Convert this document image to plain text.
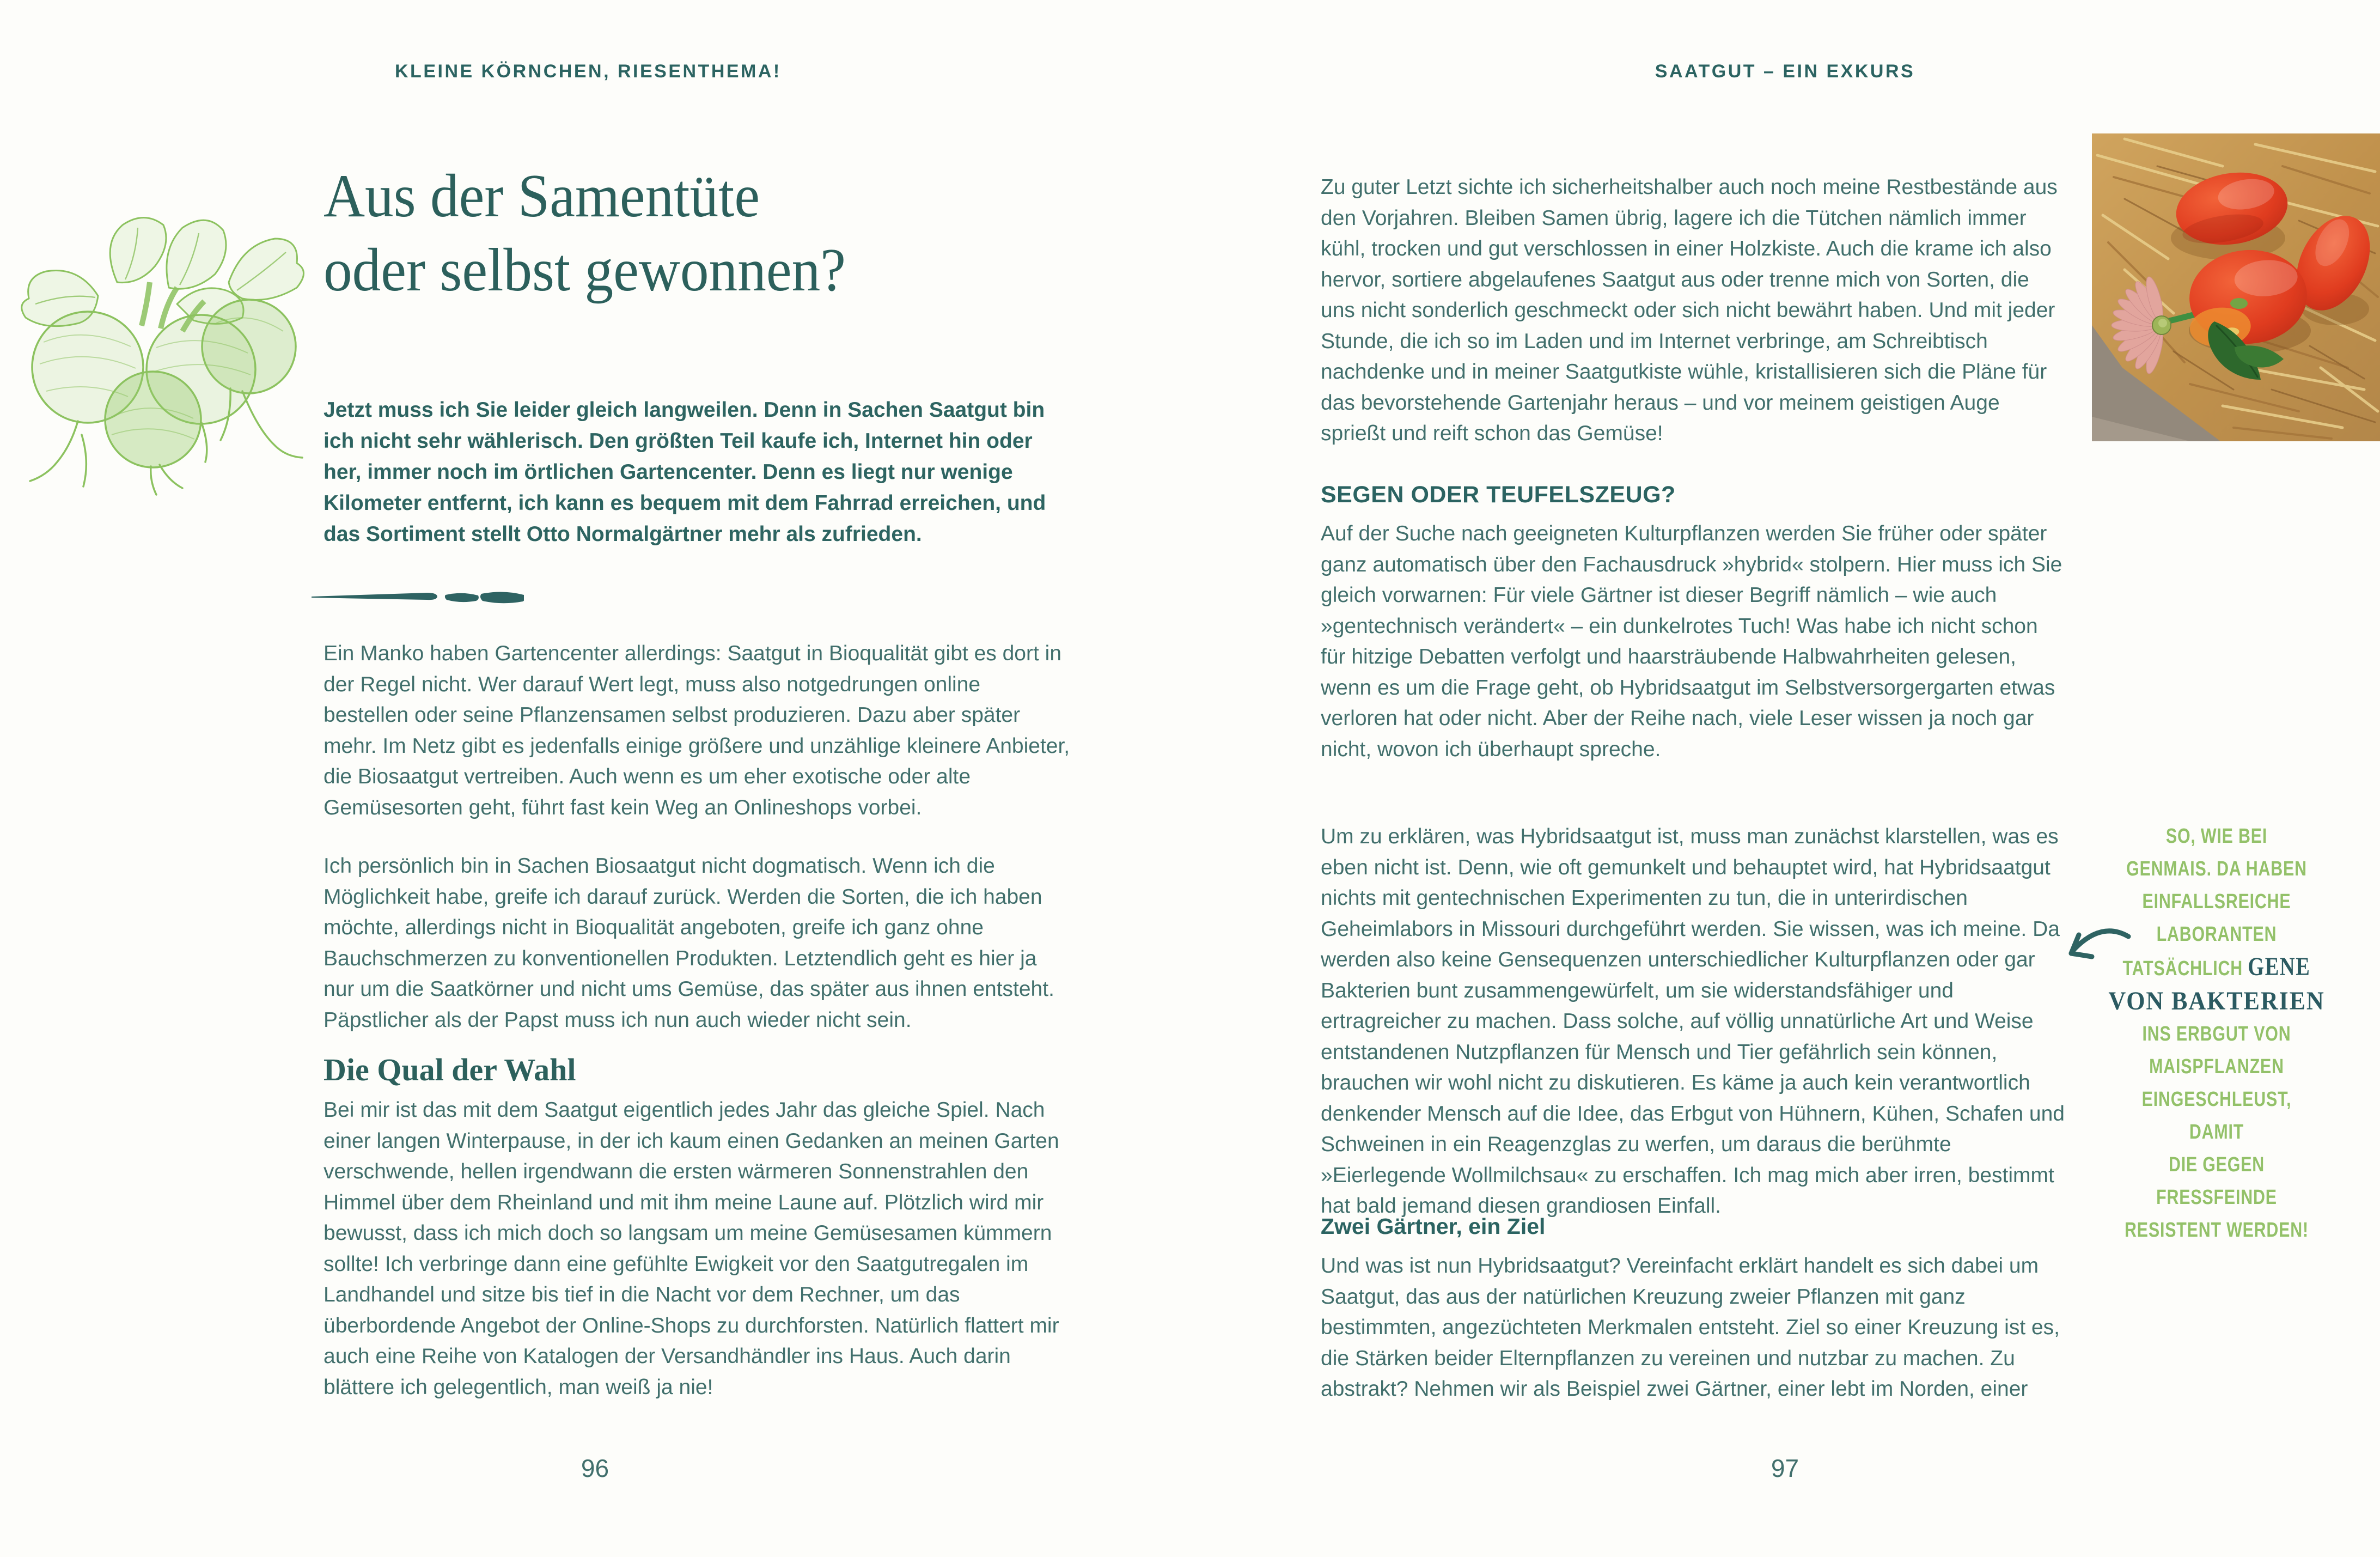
KLEINE KÖRNCHEN, RIESENTHEMA!
Aus der Samentüte
oder selbst gewonnen?

Jetzt muss ich Sie leider gleich langweilen. Denn in Sachen Saatgut bin ich nicht sehr wählerisch. Den größten Teil kaufe ich, Internet hin oder her, immer noch im örtlichen Gartencenter. Denn es liegt nur wenige Kilometer entfernt, ich kann es bequem mit dem Fahrrad erreichen, und das Sortiment stellt Otto Normalgärtner mehr als zufrieden.

Ein Manko haben Gartencenter allerdings: Saatgut in Bioqualität gibt es dort in der Regel nicht. Wer darauf Wert legt, muss also notgedrungen online bestellen oder seine Pflanzensamen selbst produzieren. Dazu aber später mehr. Im Netz gibt es jedenfalls einige größere und unzählige kleinere Anbieter, die Biosaatgut vertreiben. Auch wenn es um eher exotische oder alte Gemüsesorten geht, führt fast kein Weg an Onlineshops vorbei.

Ich persönlich bin in Sachen Biosaatgut nicht dogmatisch. Wenn ich die Möglichkeit habe, greife ich darauf zurück. Werden die Sorten, die ich haben möchte, allerdings nicht in Bioqualität angeboten, greife ich ganz ohne Bauchschmerzen zu konventionellen Produkten. Letztendlich geht es hier ja nur um die Saatkörner und nicht ums Gemüse, das später aus ihnen entsteht. Päpstlicher als der Papst muss ich nun auch wieder nicht sein.

Die Qual der Wahl

Bei mir ist das mit dem Saatgut eigentlich jedes Jahr das gleiche Spiel. Nach einer langen Winterpause, in der ich kaum einen Gedanken an meinen Garten verschwende, hellen irgendwann die ersten wärmeren Sonnenstrahlen den Himmel über dem Rheinland und mit ihm meine Laune auf. Plötzlich wird mir bewusst, dass ich mich doch so langsam um meine Gemüsesamen kümmern sollte! Ich verbringe dann eine gefühlte Ewigkeit vor den Saatgutregalen im Landhandel und sitze bis tief in die Nacht vor dem Rechner, um das überbordende Angebot der Online-Shops zu durchforsten. Natürlich flattert mir auch eine Reihe von Katalogen der Versandhändler ins Haus. Auch darin blättere ich gelegentlich, man weiß ja nie!

96
SAATGUT – EIN EXKURS

Zu guter Letzt sichte ich sicherheitshalber auch noch meine Restbestände aus den Vorjahren. Bleiben Samen übrig, lagere ich die Tütchen nämlich immer kühl, trocken und gut verschlossen in einer Holzkiste. Auch die krame ich also hervor, sortiere abgelaufenes Saatgut aus oder trenne mich von Sorten, die uns nicht sonderlich geschmeckt oder sich nicht bewährt haben. Und mit jeder Stunde, die ich so im Laden und im Internet verbringe, am Schreibtisch nachdenke und in meiner Saatgutkiste wühle, kristallisieren sich die Pläne für das bevorstehende Gartenjahr heraus – und vor meinem geistigen Auge sprießt und reift schon das Gemüse!

SEGEN ODER TEUFELSZEUG?

Auf der Suche nach geeigneten Kulturpflanzen werden Sie früher oder später ganz automatisch über den Fachausdruck »hybrid« stolpern. Hier muss ich Sie gleich vorwarnen: Für viele Gärtner ist dieser Begriff nämlich – wie auch »gentechnisch verändert« – ein dunkelrotes Tuch! Was habe ich nicht schon für hitzige Debatten verfolgt und haarsträubende Halbwahrheiten gelesen, wenn es um die Frage geht, ob Hybridsaatgut im Selbstversorgergarten etwas verloren hat oder nicht. Aber der Reihe nach, viele Leser wissen ja noch gar nicht, wovon ich überhaupt spreche.

Um zu erklären, was Hybridsaatgut ist, muss man zunächst klarstellen, was es eben nicht ist. Denn, wie oft gemunkelt und behauptet wird, hat Hybridsaatgut nichts mit gentechnischen Experimenten zu tun, die in unterirdischen Geheimlabors in Missouri durchgeführt werden. Sie wissen, was ich meine. Da werden also keine Gensequenzen unterschiedlicher Kulturpflanzen oder gar Bakterien bunt zusammengewürfelt, um sie widerstandsfähiger und ertragreicher zu machen. Dass solche, auf völlig unnatürliche Art und Weise entstandenen Nutzpflanzen für Mensch und Tier gefährlich sein können, brauchen wir wohl nicht zu diskutieren. Es käme ja auch kein verantwortlich denkender Mensch auf die Idee, das Erbgut von Hühnern, Kühen, Schafen und Schweinen in ein Reagenzglas zu werfen, um daraus die berühmte »Eierlegende Wollmilchsau« zu erschaffen. Ich mag mich aber irren, bestimmt hat bald jemand diesen grandiosen Einfall.

Zwei Gärtner, ein Ziel

Und was ist nun Hybridsaatgut? Vereinfacht erklärt handelt es sich dabei um Saatgut, das aus der natürlichen Kreuzung zweier Pflanzen mit ganz bestimmten, angezüchteten Merkmalen entsteht. Ziel so einer Kreuzung ist es, die Stärken beider Elternpflanzen zu vereinen und nutzbar zu machen. Zu abstrakt? Nehmen wir als Beispiel zwei Gärtner, einer lebt im Norden, einer

SO, WIE BEI
GENMAIS. DA HABEN
EINFALLSREICHE
LABORANTEN
TATSÄCHLICH GENE
VON BAKTERIEN
INS ERBGUT VON
MAISPFLANZEN
EINGESCHLEUST, DAMIT
DIE GEGEN FRESSFEINDE
RESISTENT WERDEN!
97
